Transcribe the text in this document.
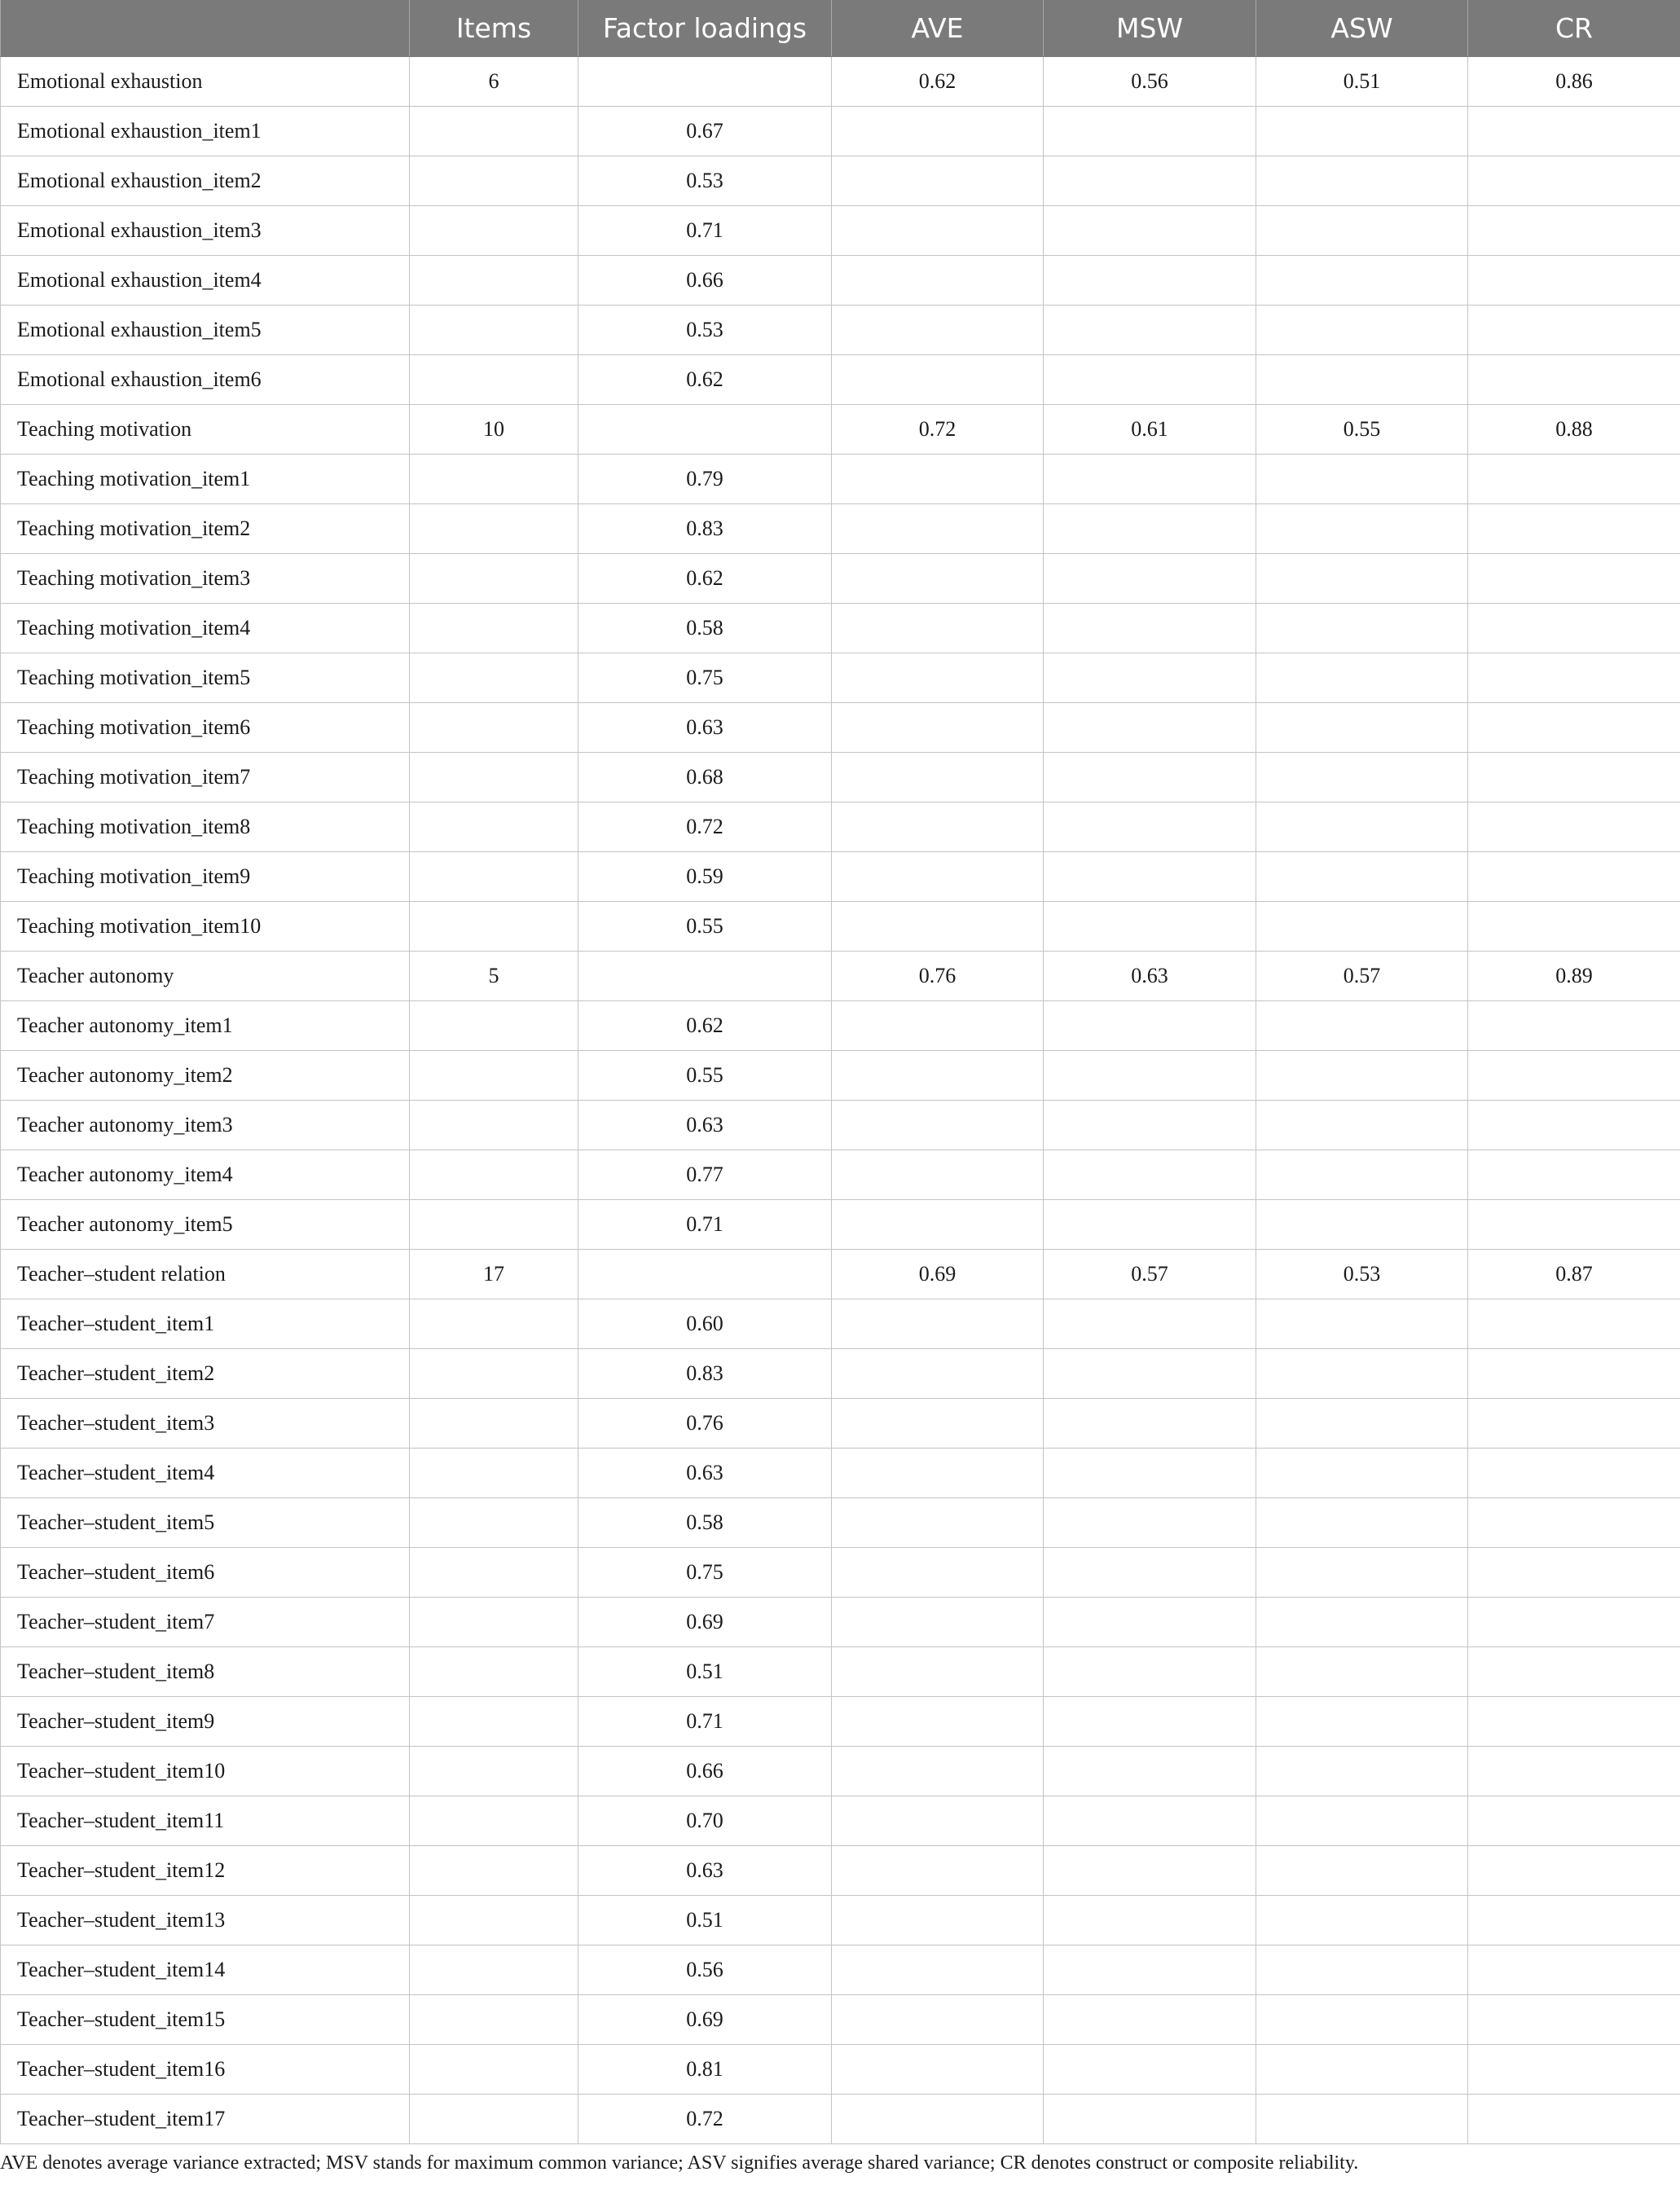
	Items	Factor loadings	AVE	MSW	ASW	CR
Emotional exhaustion	6		0.62	0.56	0.51	0.86
Emotional exhaustion_item1		0.67				
Emotional exhaustion_item2		0.53				
Emotional exhaustion_item3		0.71				
Emotional exhaustion_item4		0.66				
Emotional exhaustion_item5		0.53				
Emotional exhaustion_item6		0.62				
Teaching motivation	10		0.72	0.61	0.55	0.88
Teaching motivation_item1		0.79				
Teaching motivation_item2		0.83				
Teaching motivation_item3		0.62				
Teaching motivation_item4		0.58				
Teaching motivation_item5		0.75				
Teaching motivation_item6		0.63				
Teaching motivation_item7		0.68				
Teaching motivation_item8		0.72				
Teaching motivation_item9		0.59				
Teaching motivation_item10		0.55				
Teacher autonomy	5		0.76	0.63	0.57	0.89
Teacher autonomy_item1		0.62				
Teacher autonomy_item2		0.55				
Teacher autonomy_item3		0.63				
Teacher autonomy_item4		0.77				
Teacher autonomy_item5		0.71				
Teacher–student relation	17		0.69	0.57	0.53	0.87
Teacher–student_item1		0.60				
Teacher–student_item2		0.83				
Teacher–student_item3		0.76				
Teacher–student_item4		0.63				
Teacher–student_item5		0.58				
Teacher–student_item6		0.75				
Teacher–student_item7		0.69				
Teacher–student_item8		0.51				
Teacher–student_item9		0.71				
Teacher–student_item10		0.66				
Teacher–student_item11		0.70				
Teacher–student_item12		0.63				
Teacher–student_item13		0.51				
Teacher–student_item14		0.56				
Teacher–student_item15		0.69				
Teacher–student_item16		0.81				
Teacher–student_item17		0.72				
AVE denotes average variance extracted; MSV stands for maximum common variance; ASV signifies average shared variance; CR denotes construct or composite reliability.
